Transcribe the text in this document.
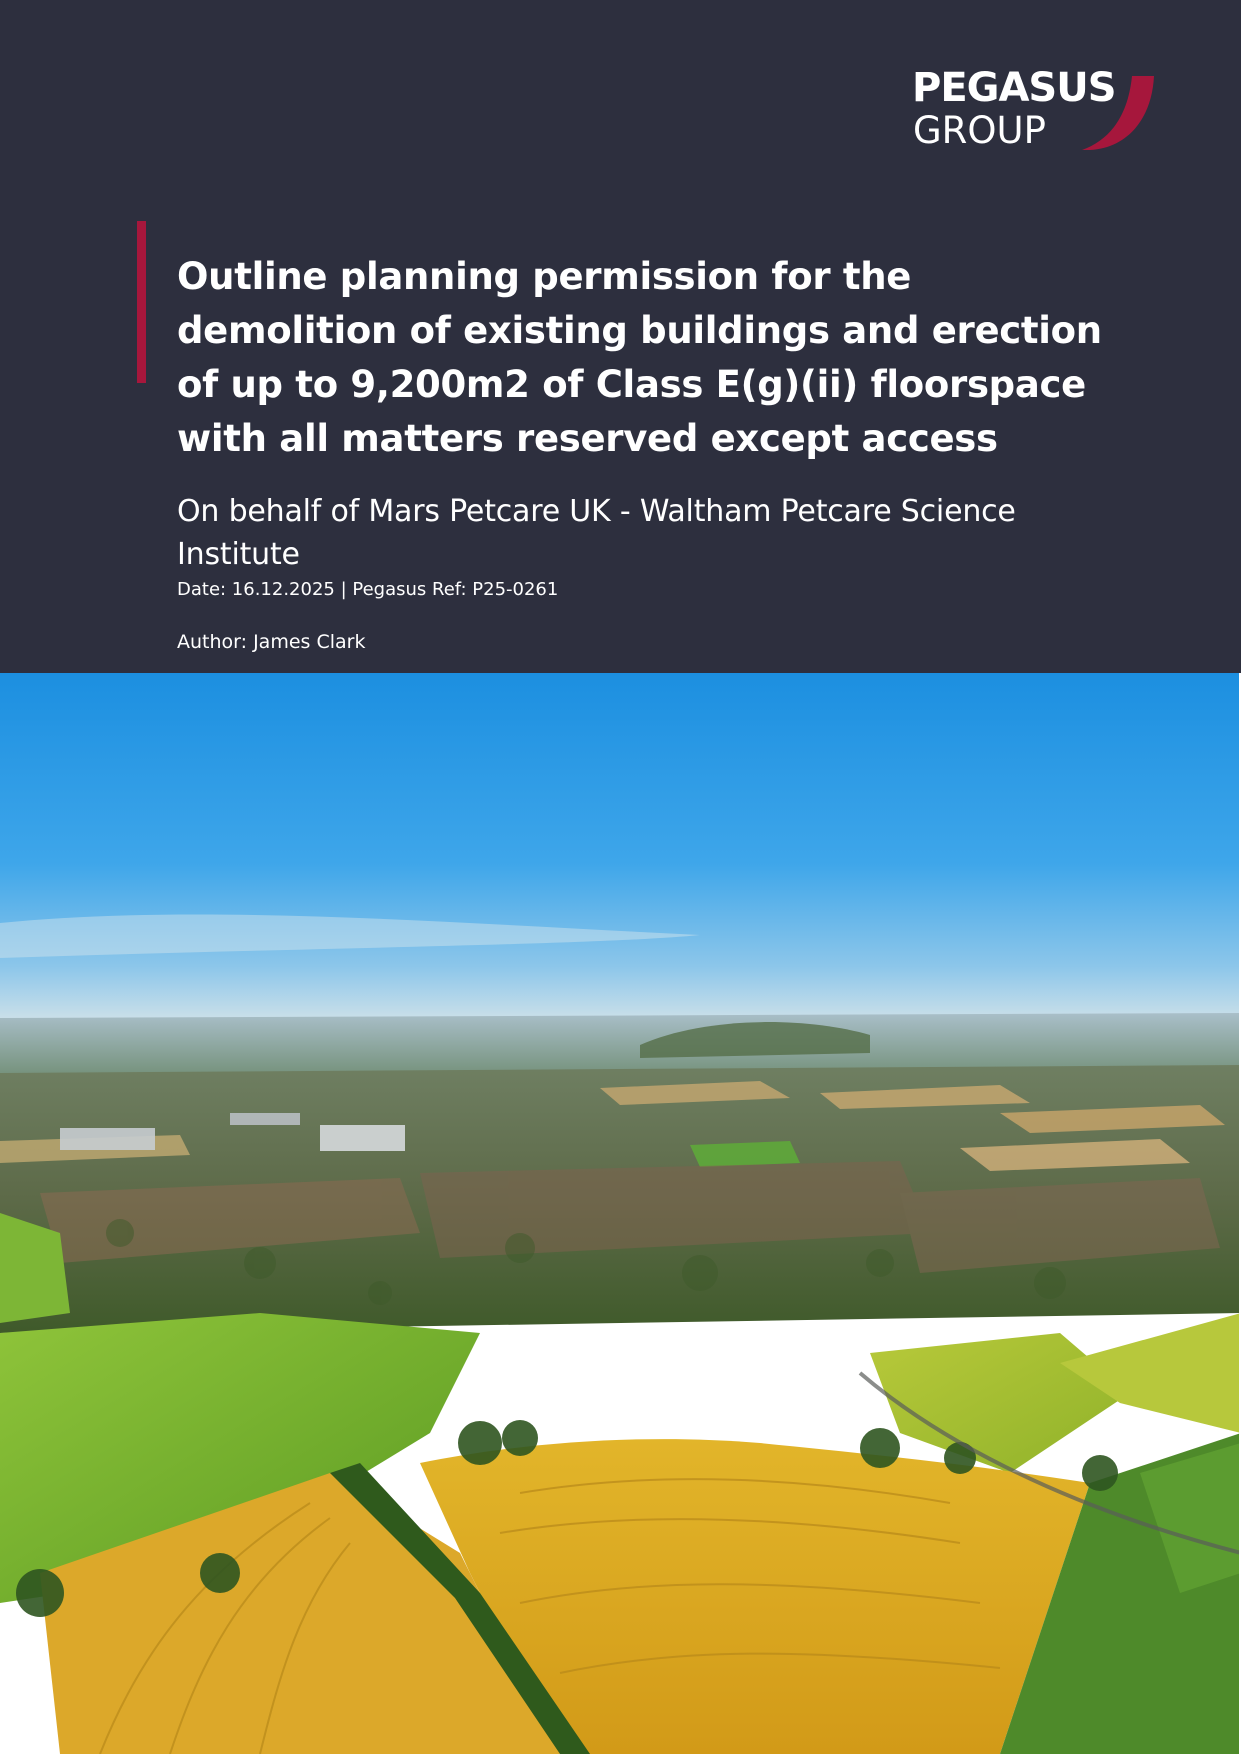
PEGASUS
GROUP
Outline planning permission for the demolition of existing buildings and erection of up to 9,200m2 of Class E(g)(ii) floorspace with all matters reserved except access

On behalf of Mars Petcare UK - Waltham Petcare Science Institute

Date: 16.12.2025 | Pegasus Ref: P25-0261

Author: James Clark
